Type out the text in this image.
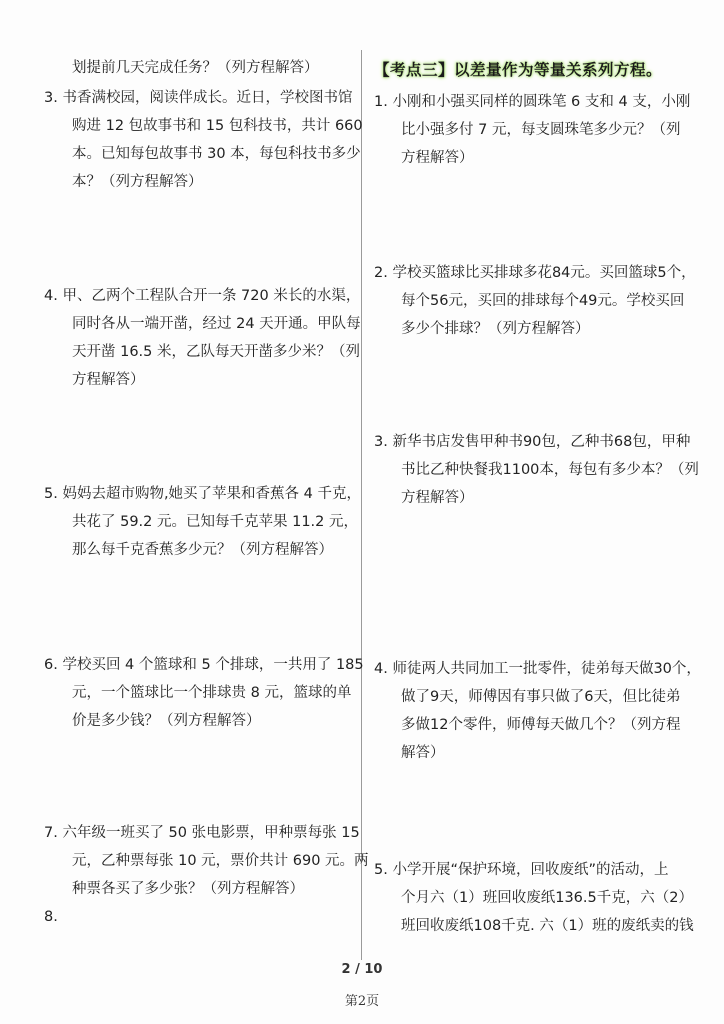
划提前几天完成任务？（列方程解答）
3. 书香满校园，阅读伴成长。近日，学校图书馆
购进 12 包故事书和 15 包科技书，共计 660
本。已知每包故事书 30 本，每包科技书多少
本？（列方程解答）
4. 甲、乙两个工程队合开一条 720 米长的水渠，
同时各从一端开凿，经过 24 天开通。甲队每
天开凿 16.5 米，乙队每天开凿多少米？（列
方程解答）
5. 妈妈去超市购物,她买了苹果和香蕉各 4 千克，
共花了 59.2 元。已知每千克苹果 11.2 元，
那么每千克香蕉多少元？（列方程解答）
6. 学校买回 4 个篮球和 5 个排球，一共用了 185
元，一个篮球比一个排球贵 8 元，篮球的单
价是多少钱？（列方程解答）
7. 六年级一班买了 50 张电影票，甲种票每张 15
元，乙种票每张 10 元，票价共计 690 元。两
种票各买了多少张？（列方程解答）
8.
【考点三】以差量作为等量关系列方程。
1. 小刚和小强买同样的圆珠笔 6 支和 4 支，小刚
比小强多付 7 元，每支圆珠笔多少元？（列
方程解答）
2. 学校买篮球比买排球多花84元。买回篮球5个，
每个56元，买回的排球每个49元。学校买回
多少个排球？（列方程解答）
3. 新华书店发售甲种书90包，乙种书68包，甲种
书比乙种快餐我1100本，每包有多少本？（列
方程解答）
4. 师徒两人共同加工一批零件，徒弟每天做30个，
做了9天，师傅因有事只做了6天，但比徒弟
多做12个零件，师傅每天做几个？（列方程
解答）
5. 小学开展“保护环境，回收废纸”的活动，上
个月六（1）班回收废纸136.5千克，六（2）
班回收废纸108千克. 六（1）班的废纸卖的钱
2 / 10
第2页
